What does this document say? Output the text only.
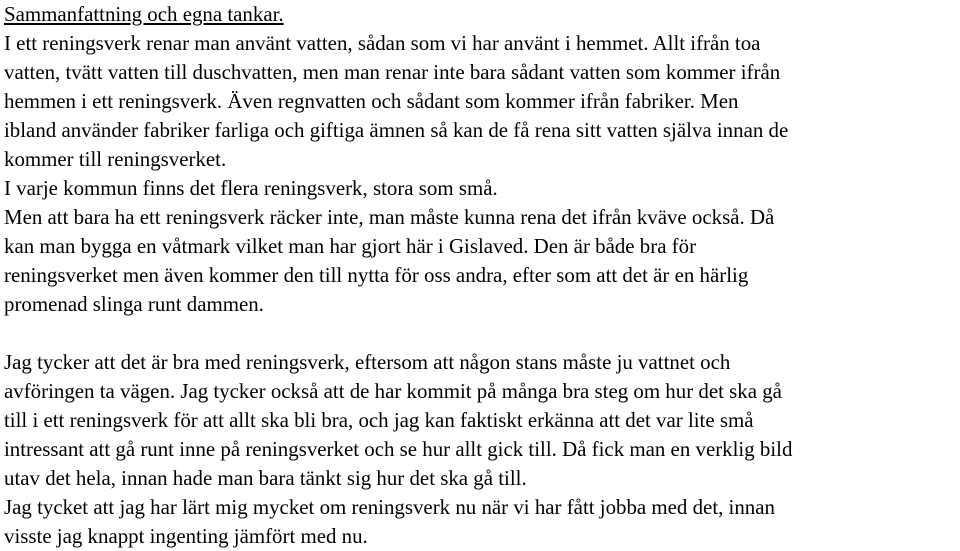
Sammanfattning och egna tankar.
I ett reningsverk renar man använt vatten, sådan som vi har använt i hemmet. Allt ifrån toa
vatten, tvätt vatten till duschvatten, men man renar inte bara sådant vatten som kommer ifrån
hemmen i ett reningsverk. Även regnvatten och sådant som kommer ifrån fabriker. Men
ibland använder fabriker farliga och giftiga ämnen så kan de få rena sitt vatten själva innan de
kommer till reningsverket.
I varje kommun finns det flera reningsverk, stora som små.
Men att bara ha ett reningsverk räcker inte, man måste kunna rena det ifrån kväve också. Då
kan man bygga en våtmark vilket man har gjort här i Gislaved. Den är både bra för
reningsverket men även kommer den till nytta för oss andra, efter som att det är en härlig
promenad slinga runt dammen.
Jag tycker att det är bra med reningsverk, eftersom att någon stans måste ju vattnet och
avföringen ta vägen. Jag tycker också att de har kommit på många bra steg om hur det ska gå
till i ett reningsverk för att allt ska bli bra, och jag kan faktiskt erkänna att det var lite små
intressant att gå runt inne på reningsverket och se hur allt gick till. Då fick man en verklig bild
utav det hela, innan hade man bara tänkt sig hur det ska gå till.
Jag tycket att jag har lärt mig mycket om reningsverk nu när vi har fått jobba med det, innan
visste jag knappt ingenting jämfört med nu.
